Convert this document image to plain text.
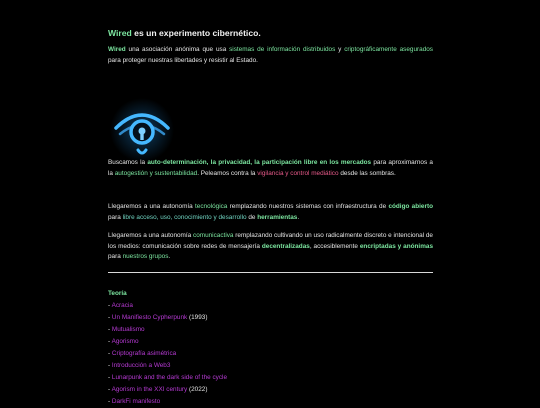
Wired es un experimento cibernético.

Wired una asociación anónima que usa sistemas de información distribuidos y criptográficamente asegurados para proteger nuestras libertades y resistir al Estado.

Buscamos la auto-determinación, la privacidad, la participación libre en los mercados para aproximarnos a la autogestión y sustentabilidad. Peleamos contra la vigilancia y control mediático desde las sombras.

Llegaremos a una autonomía tecnológica remplazando nuestros sistemas con infraestructura de código abierto para libre acceso, uso, conocimiento y desarrollo de herramientas.

Llegaremos a una autonomía comunicactiva remplazando cultivando un uso radicalmente discreto e intencional de los medios: comunicación sobre redes de mensajería decentralizadas, accesiblemente encriptadas y anónimas para nuestros grupos.

Teoría
- Acracia
- Un Manifiesto Cypherpunk (1993)
- Mutualismo
- Agorismo
- Criptografía asimétrica
- Introducción a Web3
- Lunarpunk and the dark side of the cycle
- Agorism in the XXI century (2022)
- DarkFi manifesto
